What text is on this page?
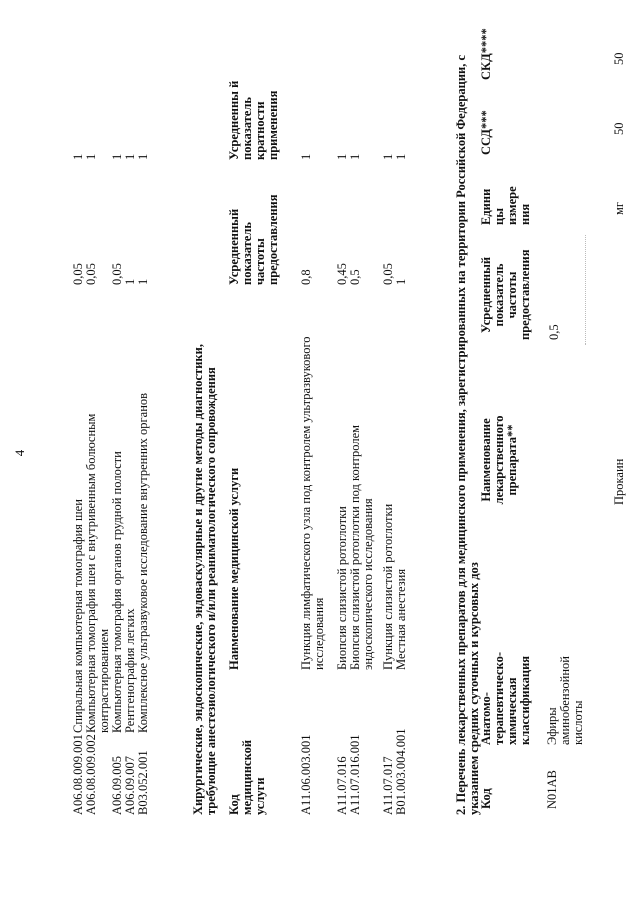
4
A06.08.009.001
Спиральная компьютерная томография шеи
0,05
1
A06.08.009.002
Компьютерная томография шеи с внутривенным болюсным контрастированием
0,05
1
A06.09.005
Компьютерная томография органов грудной полости
0,05
1
A06.09.007
Рентгенография легких
1
1
B03.052.001
Комплексное ультразвуковое исследование внутренних органов
1
1
Хирургические, эндоскопические, эндоваскулярные и другие методы диагностики, требующие анестезиологического и/или реаниматологического сопровождения Код медицинской услуги
Наименование медицинской услуги
Усредненный показатель частоты предоставления
Усредненны й показатель кратности применения
A11.06.003.001
Пункция лимфатического узла под контролем ультразвукового исследования
0,8
1
A11.07.016
Биопсия слизистой ротоглотки
0,45
1
A11.07.016.001
Биопсия слизистой ротоглотки под контролем эндоскопического исследования
0,5
1
A11.07.017
Пункция слизистой ротоглотки
0,05
1
B01.003.004.001
Местная анестезия
1
1	2. Перечень лекарственных препаратов для медицинского применения, зарегистрированных на территории Российской Федерации, с указанием средних суточных и курсовых доз
Код
Анатомо-терапевтическо-химическая классификация
Наименование лекарственного препарата**
Усредненный показатель частоты предоставления
Едини цы измере ния
ССД***
СКД****
N01AB
Эфиры аминобензойной кислоты
0,5
Прокаин
мг
50
50
